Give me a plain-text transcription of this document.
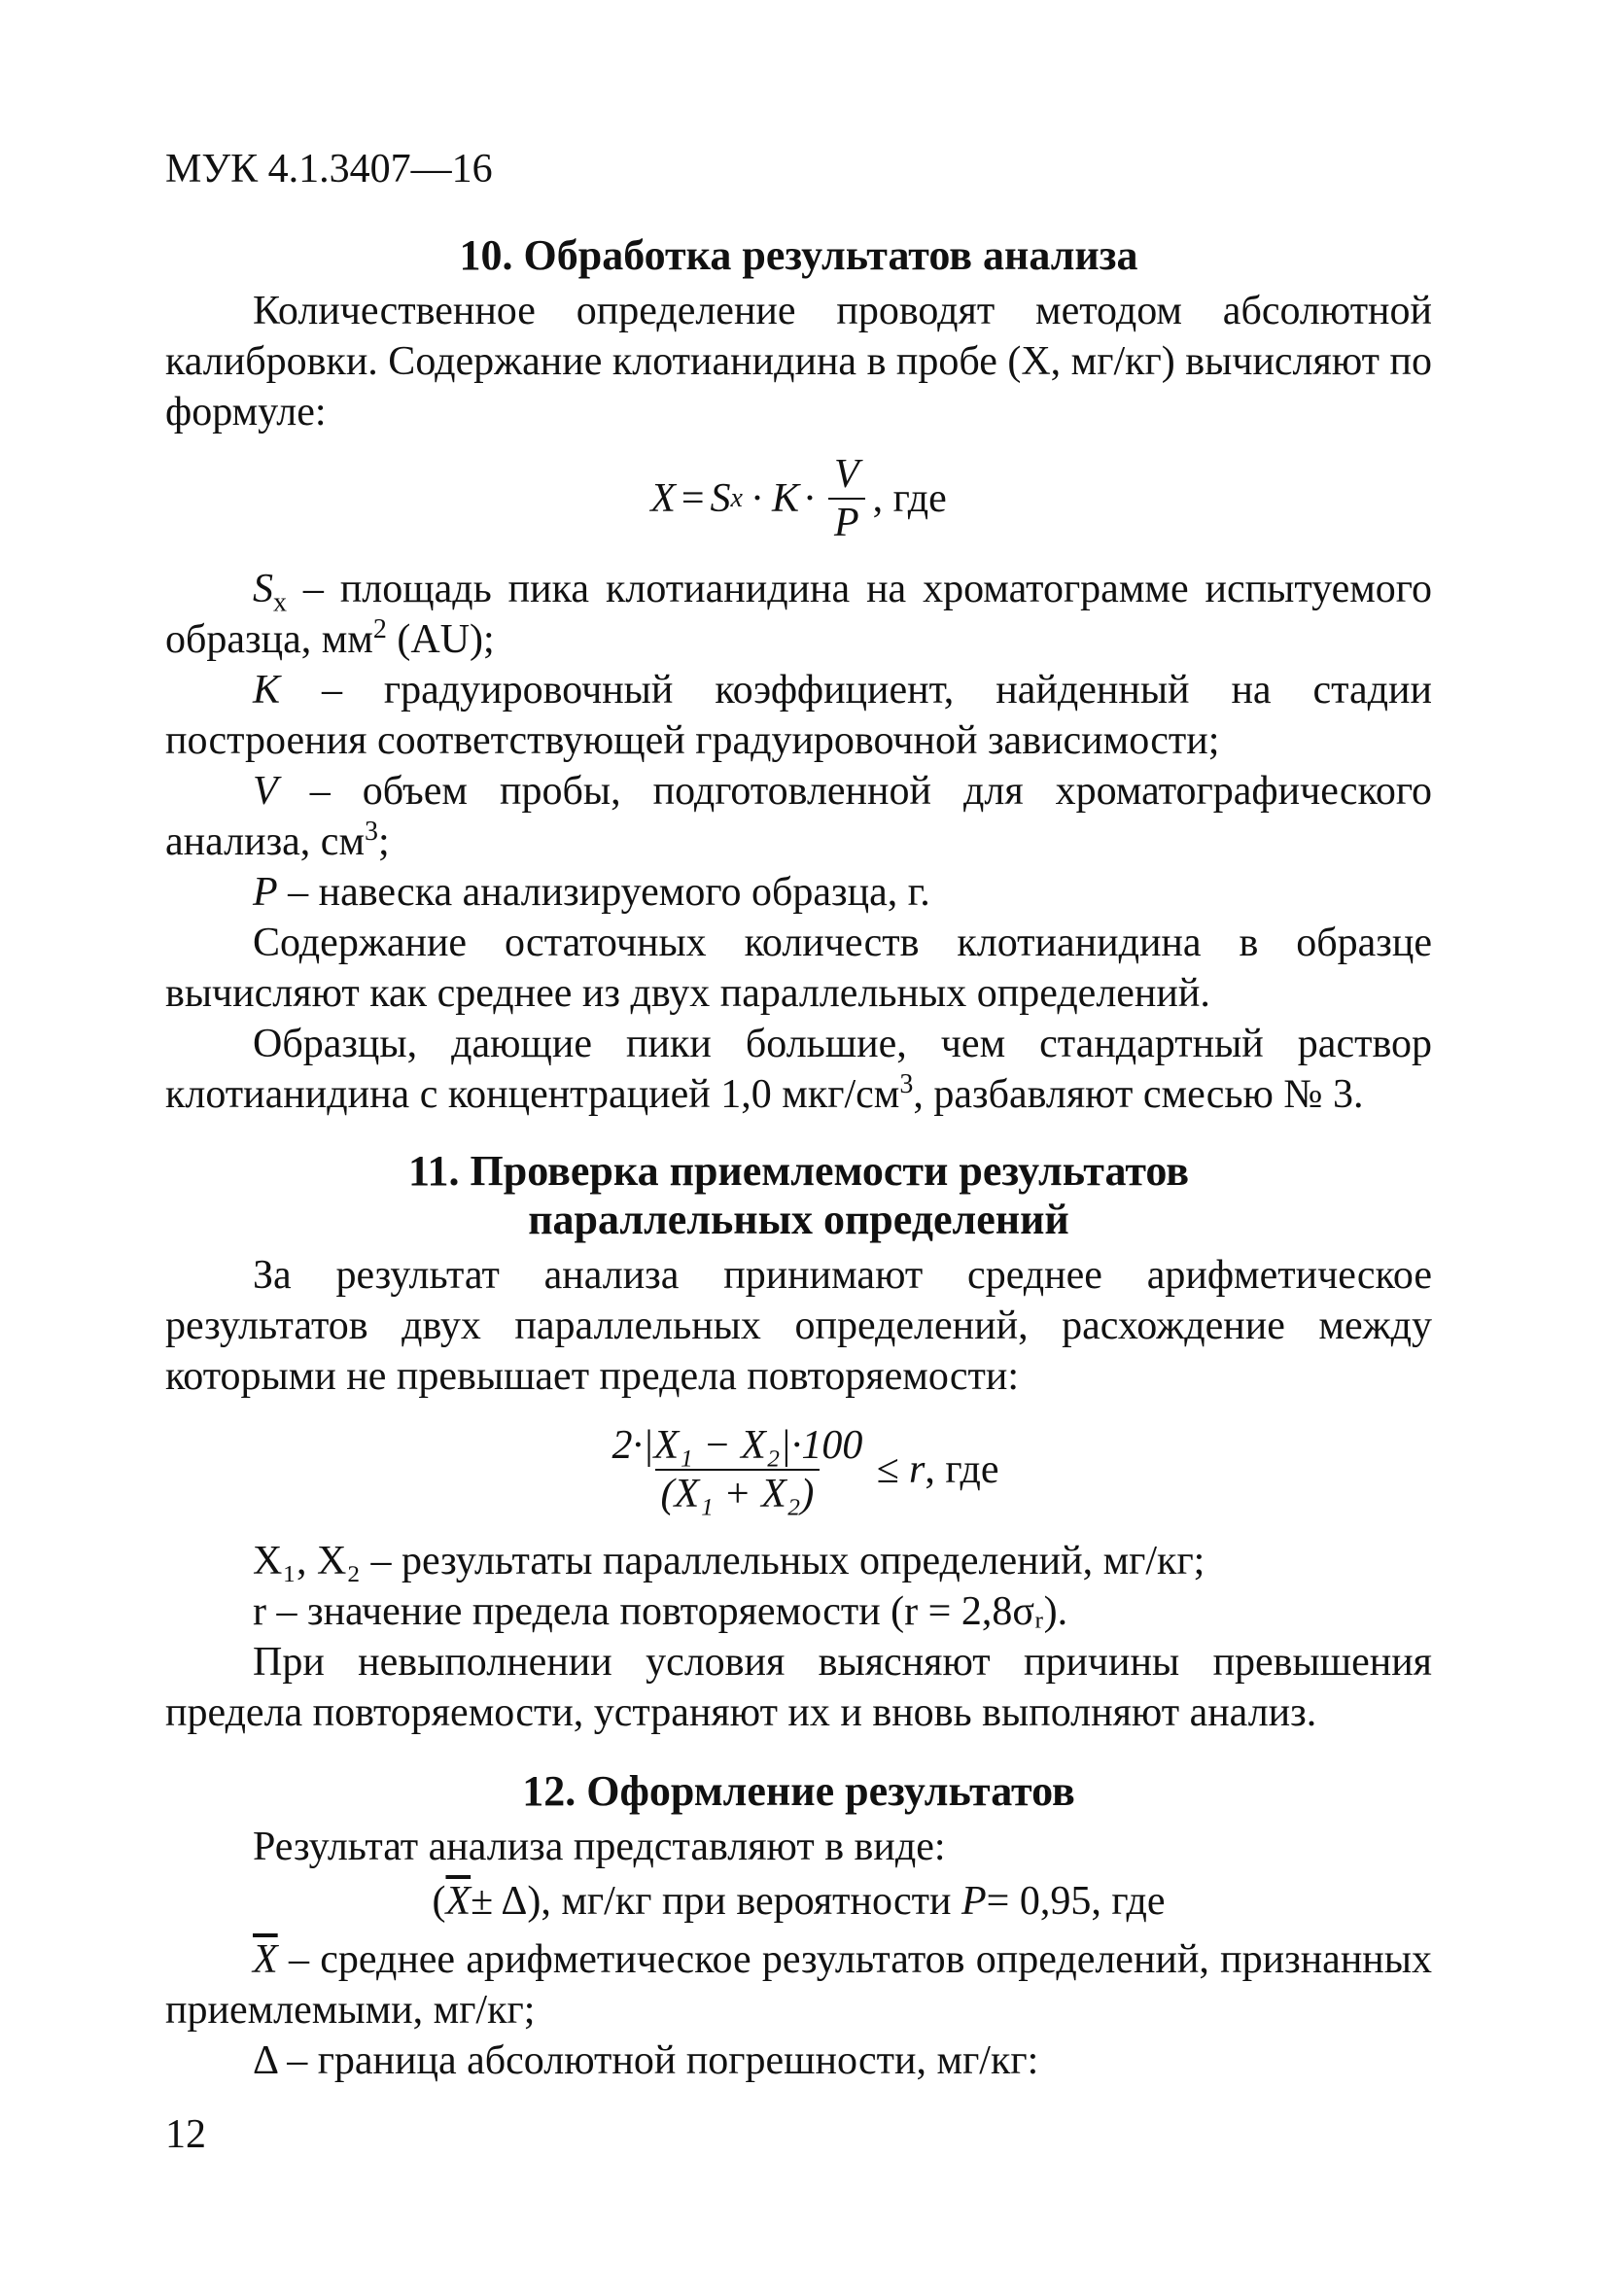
МУК 4.1.3407—16
10. Обработка результатов анализа

Количественное определение проводят методом абсолютной калибровки. Содержание клотианидина в пробе (X, мг/кг) вычисляют по формуле:

X = S $x \cdot K \cdot \frac{V}{P}$ , где

$S_x$ – площадь пика клотианидина на хроматограмме испытуемого образца, $мм^2$ (AU);

K – градуировочный коэффициент, найденный на стадии построения соответствующей градуировочной зависимости;

V – объем пробы, подготовленной для хроматографического анализа, $см^3$;

P – навеска анализируемого образца, г.

Содержание остаточных количеств клотианидина в образце вычисляют как среднее из двух параллельных определений.

Образцы, дающие пики большие, чем стандартный раствор клотианидина с концентрацией 1,0 мкг/$см^3$, разбавляют смесью № 3.

11. Проверка приемлемости результатов
параллельных определений

За результат анализа принимают среднее арифметическое результатов двух параллельных определений, расхождение между которыми не превышает предела повторяемости:

$\frac{\text{2·|X₁ − X₂|·100}}{\text{(X₁ + X₂)}} \le r$ , где

X₁, X₂ – результаты параллельных определений, мг/кг;

r – значение предела повторяемости (r = 2,8σᵣ).

При невыполнении условия выясняют причины превышения предела повторяемости, устраняют их и вновь выполняют анализ.

12. Оформление результатов

Результат анализа представляют в виде:

( $\overline{X} \pm \Delta$), мг/кг при вероятности
P = 0,95, где

$\overline{X}$ – среднее арифметическое результатов определений, признанных приемлемыми, мг/кг;

Δ – граница абсолютной погрешности, мг/кг:

12
